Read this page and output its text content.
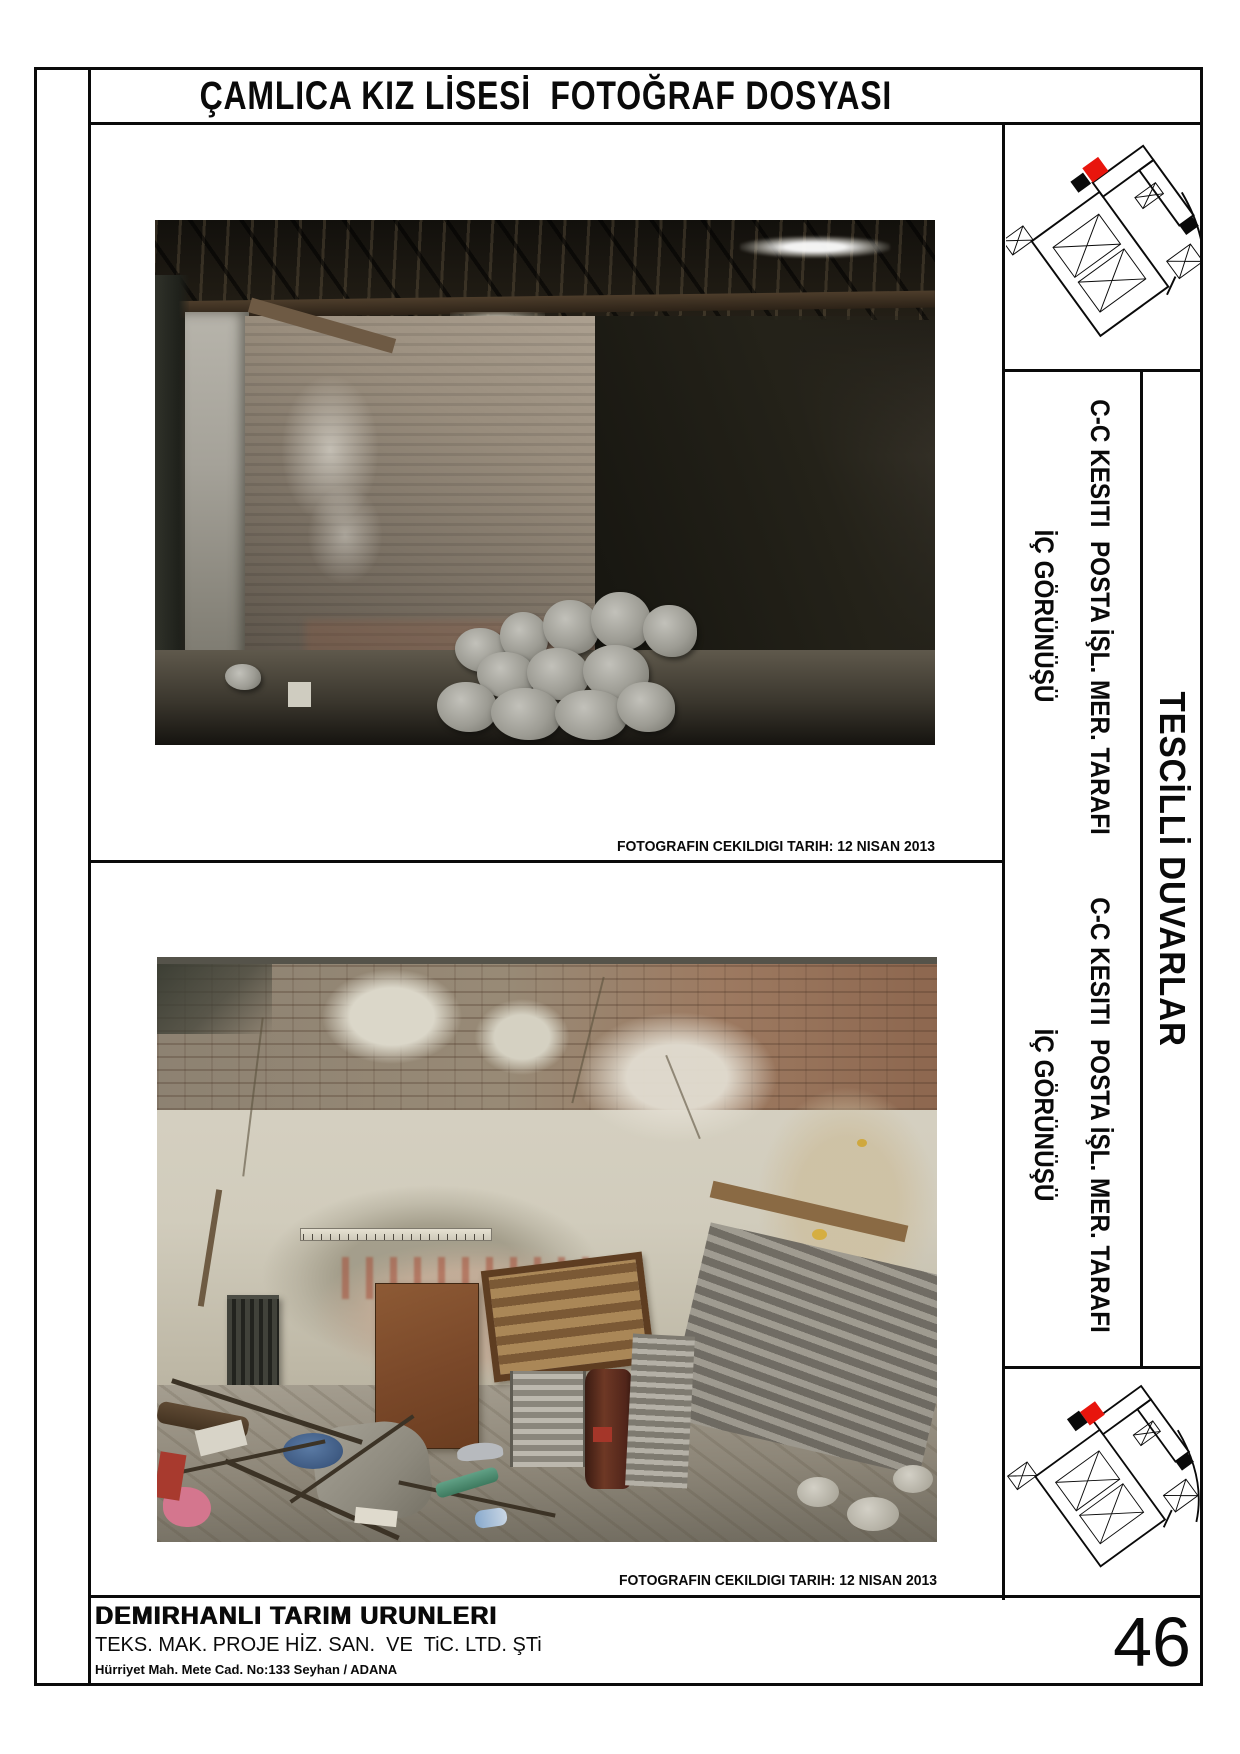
ÇAMLICA KIZ LİSESİ  FOTOĞRAF DOSYASI
FOTOGRAFIN CEKILDIGI TARIH: 12 NISAN 2013
FOTOGRAFIN CEKILDIGI TARIH: 12 NISAN 2013
C-C KESITI  POSTA İŞL. MER. TARAFI
İÇ GÖRÜNÜŞÜ
C-C KESITI  POSTA İŞL. MER. TARAFI
İÇ GÖRÜNÜŞÜ
TESCİLLİ DUVARLAR
DEMIRHANLI TARIM URUNLERI
TEKS. MAK. PROJE HİZ. SAN.  VE  TiC. LTD. ŞTi
Hürriyet Mah. Mete Cad. No:133 Seyhan / ADANA	46
